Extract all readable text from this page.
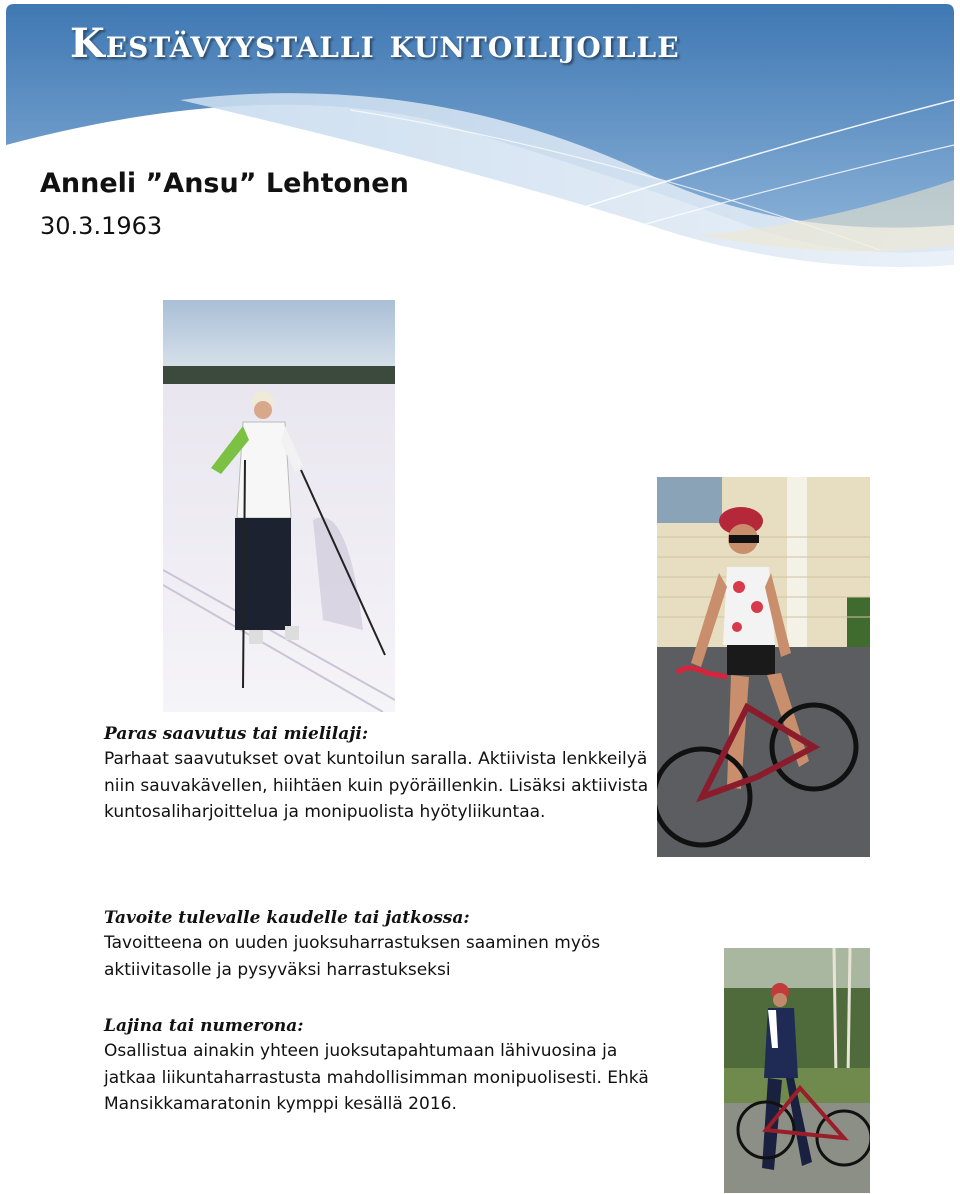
Kestävyystalli kuntoilijoille
Anneli ”Ansu” Lehtonen
30.3.1963
Paras saavutus tai mielilaji:
Parhaat saavutukset ovat kuntoilun saralla. Aktiivista lenkkeilyä niin sauvakävellen, hiihtäen kuin pyöräillenkin. Lisäksi aktiivista kuntosaliharjoittelua ja monipuolista hyötyliikuntaa.
Tavoite tulevalle kaudelle tai jatkossa:
Tavoitteena on uuden juoksuharrastuksen saaminen myös aktiivitasolle ja pysyväksi harrastukseksi
Lajina tai numerona:
Osallistua ainakin yhteen juoksutapahtumaan lähivuosina ja jatkaa liikuntaharrastusta mahdollisimman monipuolisesti. Ehkä Mansikkamaratonin kymppi kesällä 2016.
